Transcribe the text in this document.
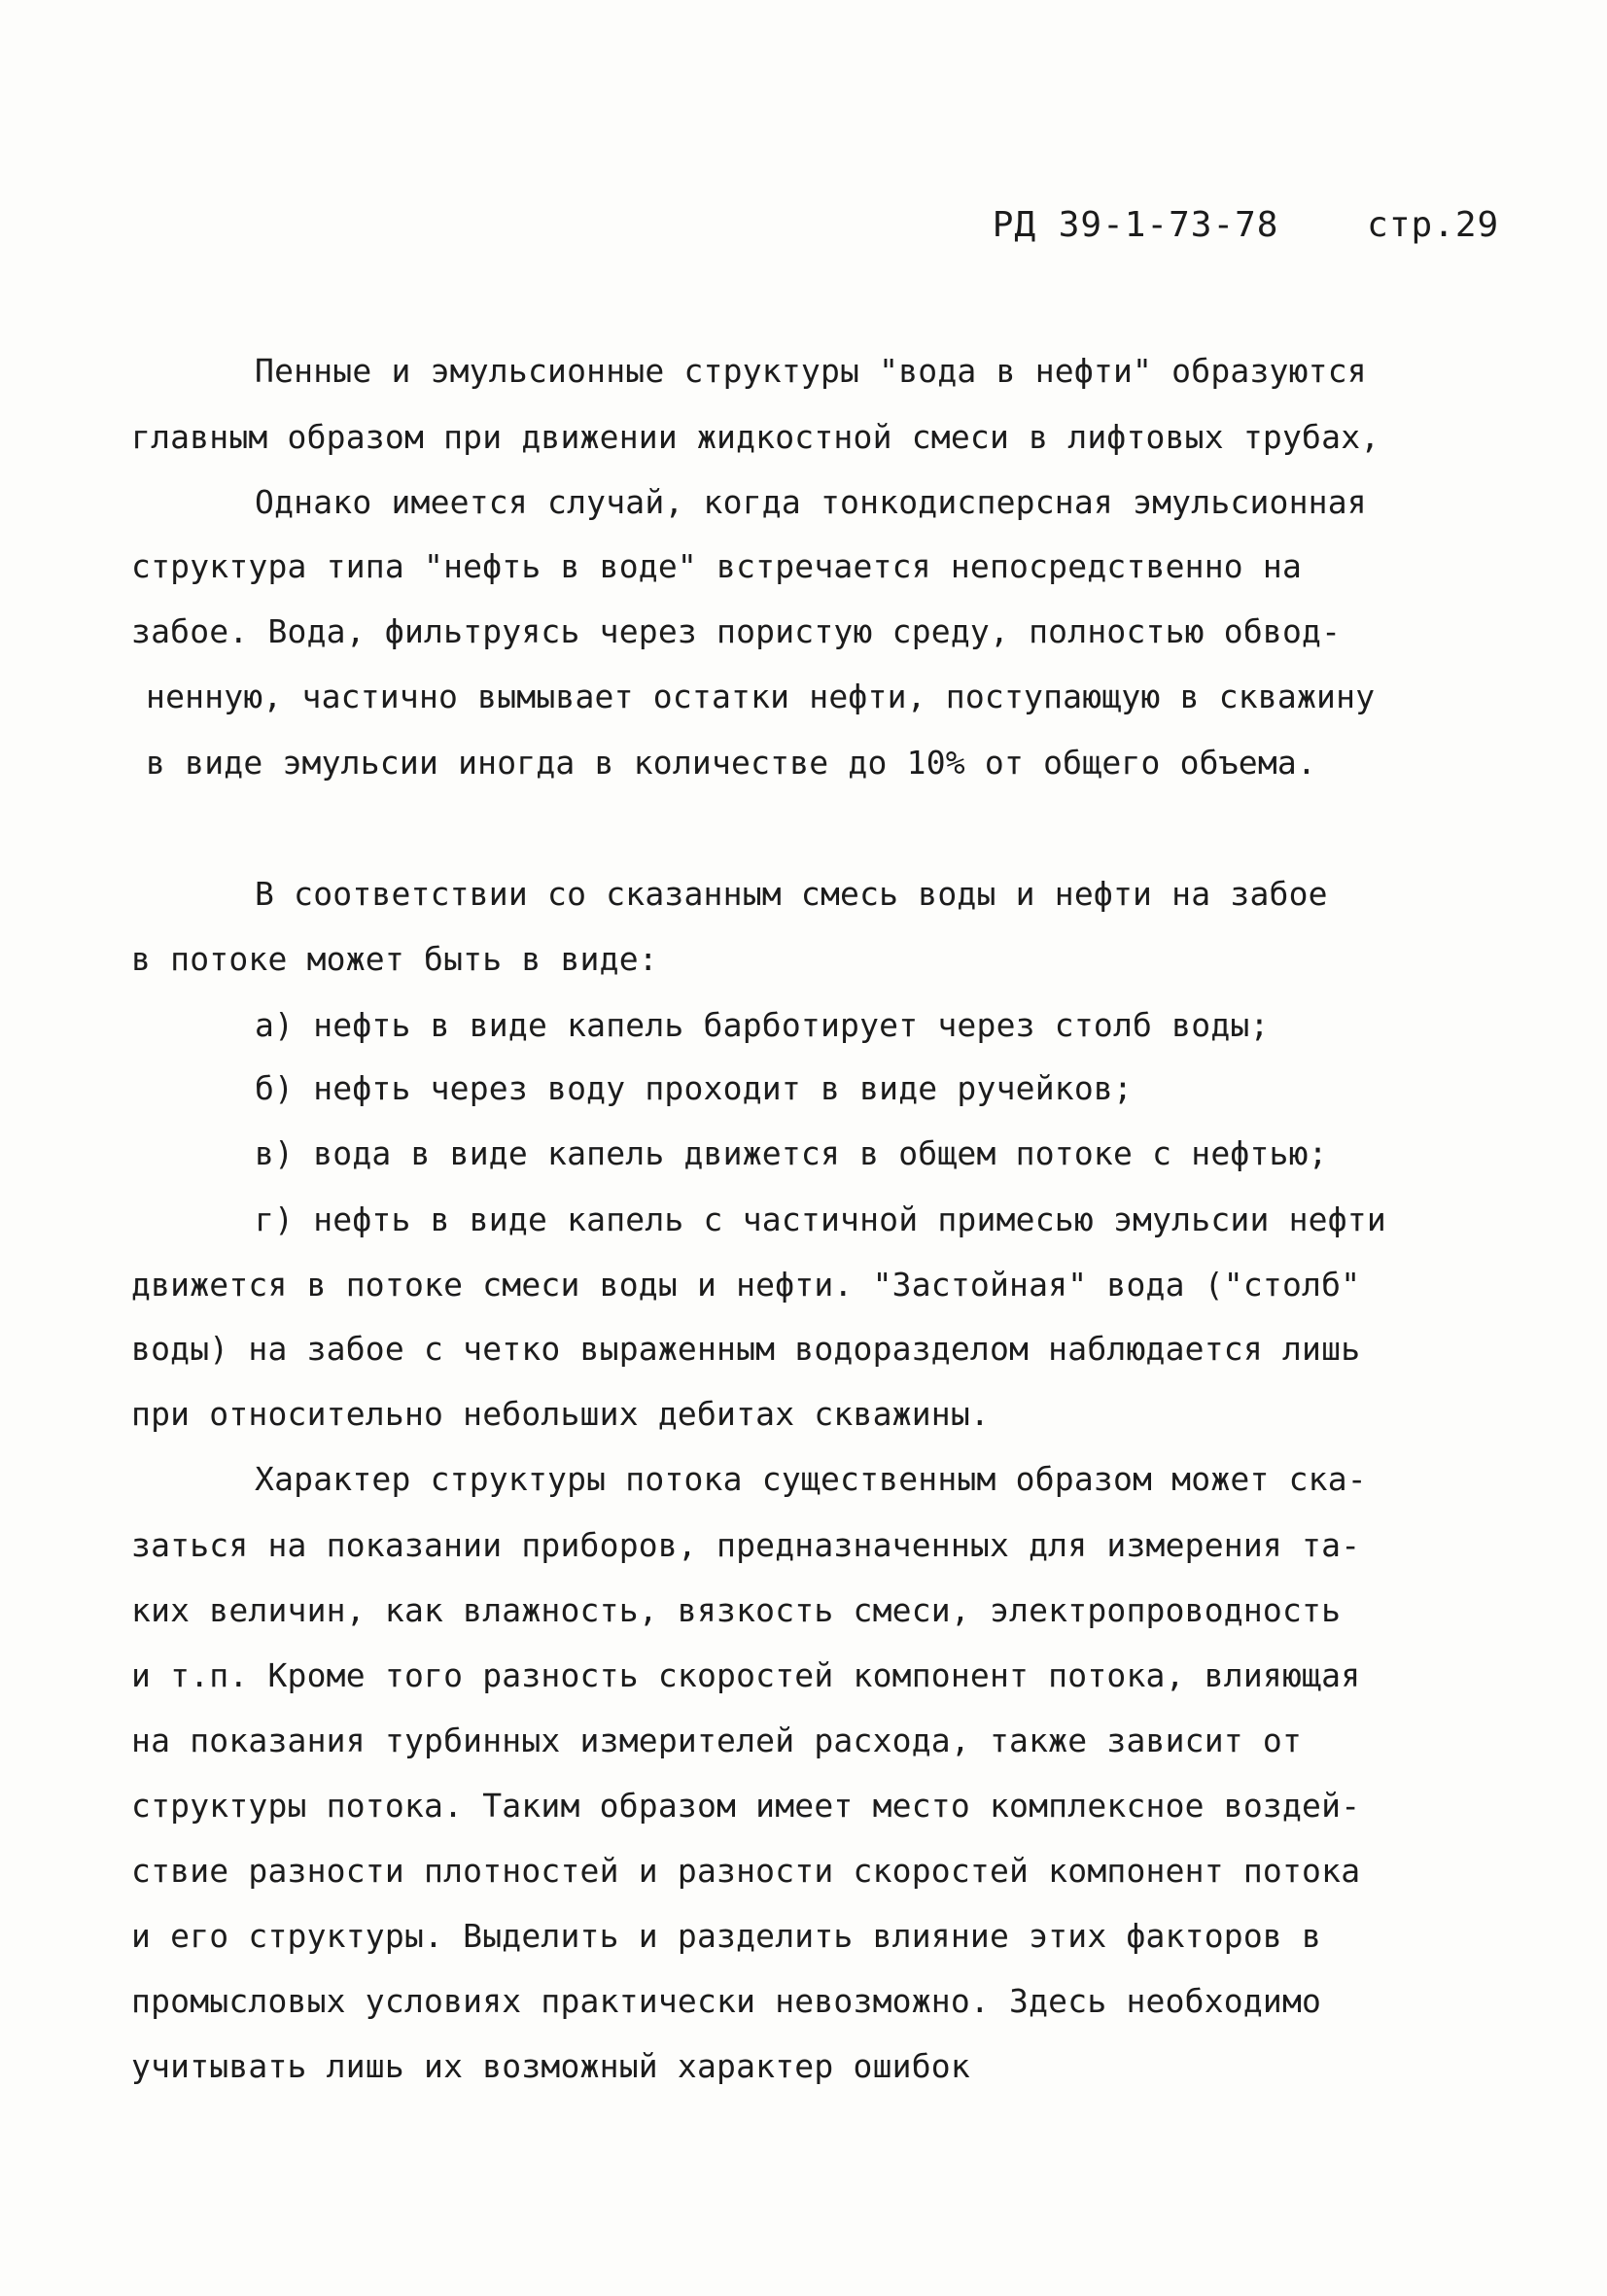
РД 39-1-73-78	стр.29

Пенные и эмульсионные структуры "вода в нефти" образуются
главным образом при движении жидкостной смеси в лифтовых трубах,
Однако имеется случай, когда тонкодисперсная эмульсионная
структура типа "нефть в воде" встречается непосредственно на
забое. Вода, фильтруясь через пористую среду, полностью обвод-
ненную, частично вымывает остатки нефти, поступающую в скважину
в виде эмульсии иногда в количестве до 10% от общего объема.
В соответствии со сказанным смесь воды и нефти на забое
в потоке может быть в виде:
а) нефть в виде капель барботирует через столб воды;
б) нефть через воду проходит в виде ручейков;
в) вода в виде капель движется в общем потоке с нефтью;
г) нефть в виде капель с частичной примесью эмульсии нефти
движется в потоке смеси воды и нефти. "Застойная" вода ("столб"
воды) на забое с четко выраженным водоразделом наблюдается лишь
при относительно небольших дебитах скважины.
Характер структуры потока существенным образом может ска-
заться на показании приборов, предназначенных для измерения та-
ких величин, как влажность, вязкость смеси, электропроводность
и т.п. Кроме того разность скоростей компонент потока, влияющая
на показания турбинных измерителей расхода, также зависит от
структуры потока. Таким образом имеет место комплексное воздей-
ствие разности плотностей и разности скоростей компонент потока
и его структуры. Выделить и разделить влияние этих факторов в
промысловых условиях практически невозможно. Здесь необходимо
учитывать лишь их возможный характер ошибок
